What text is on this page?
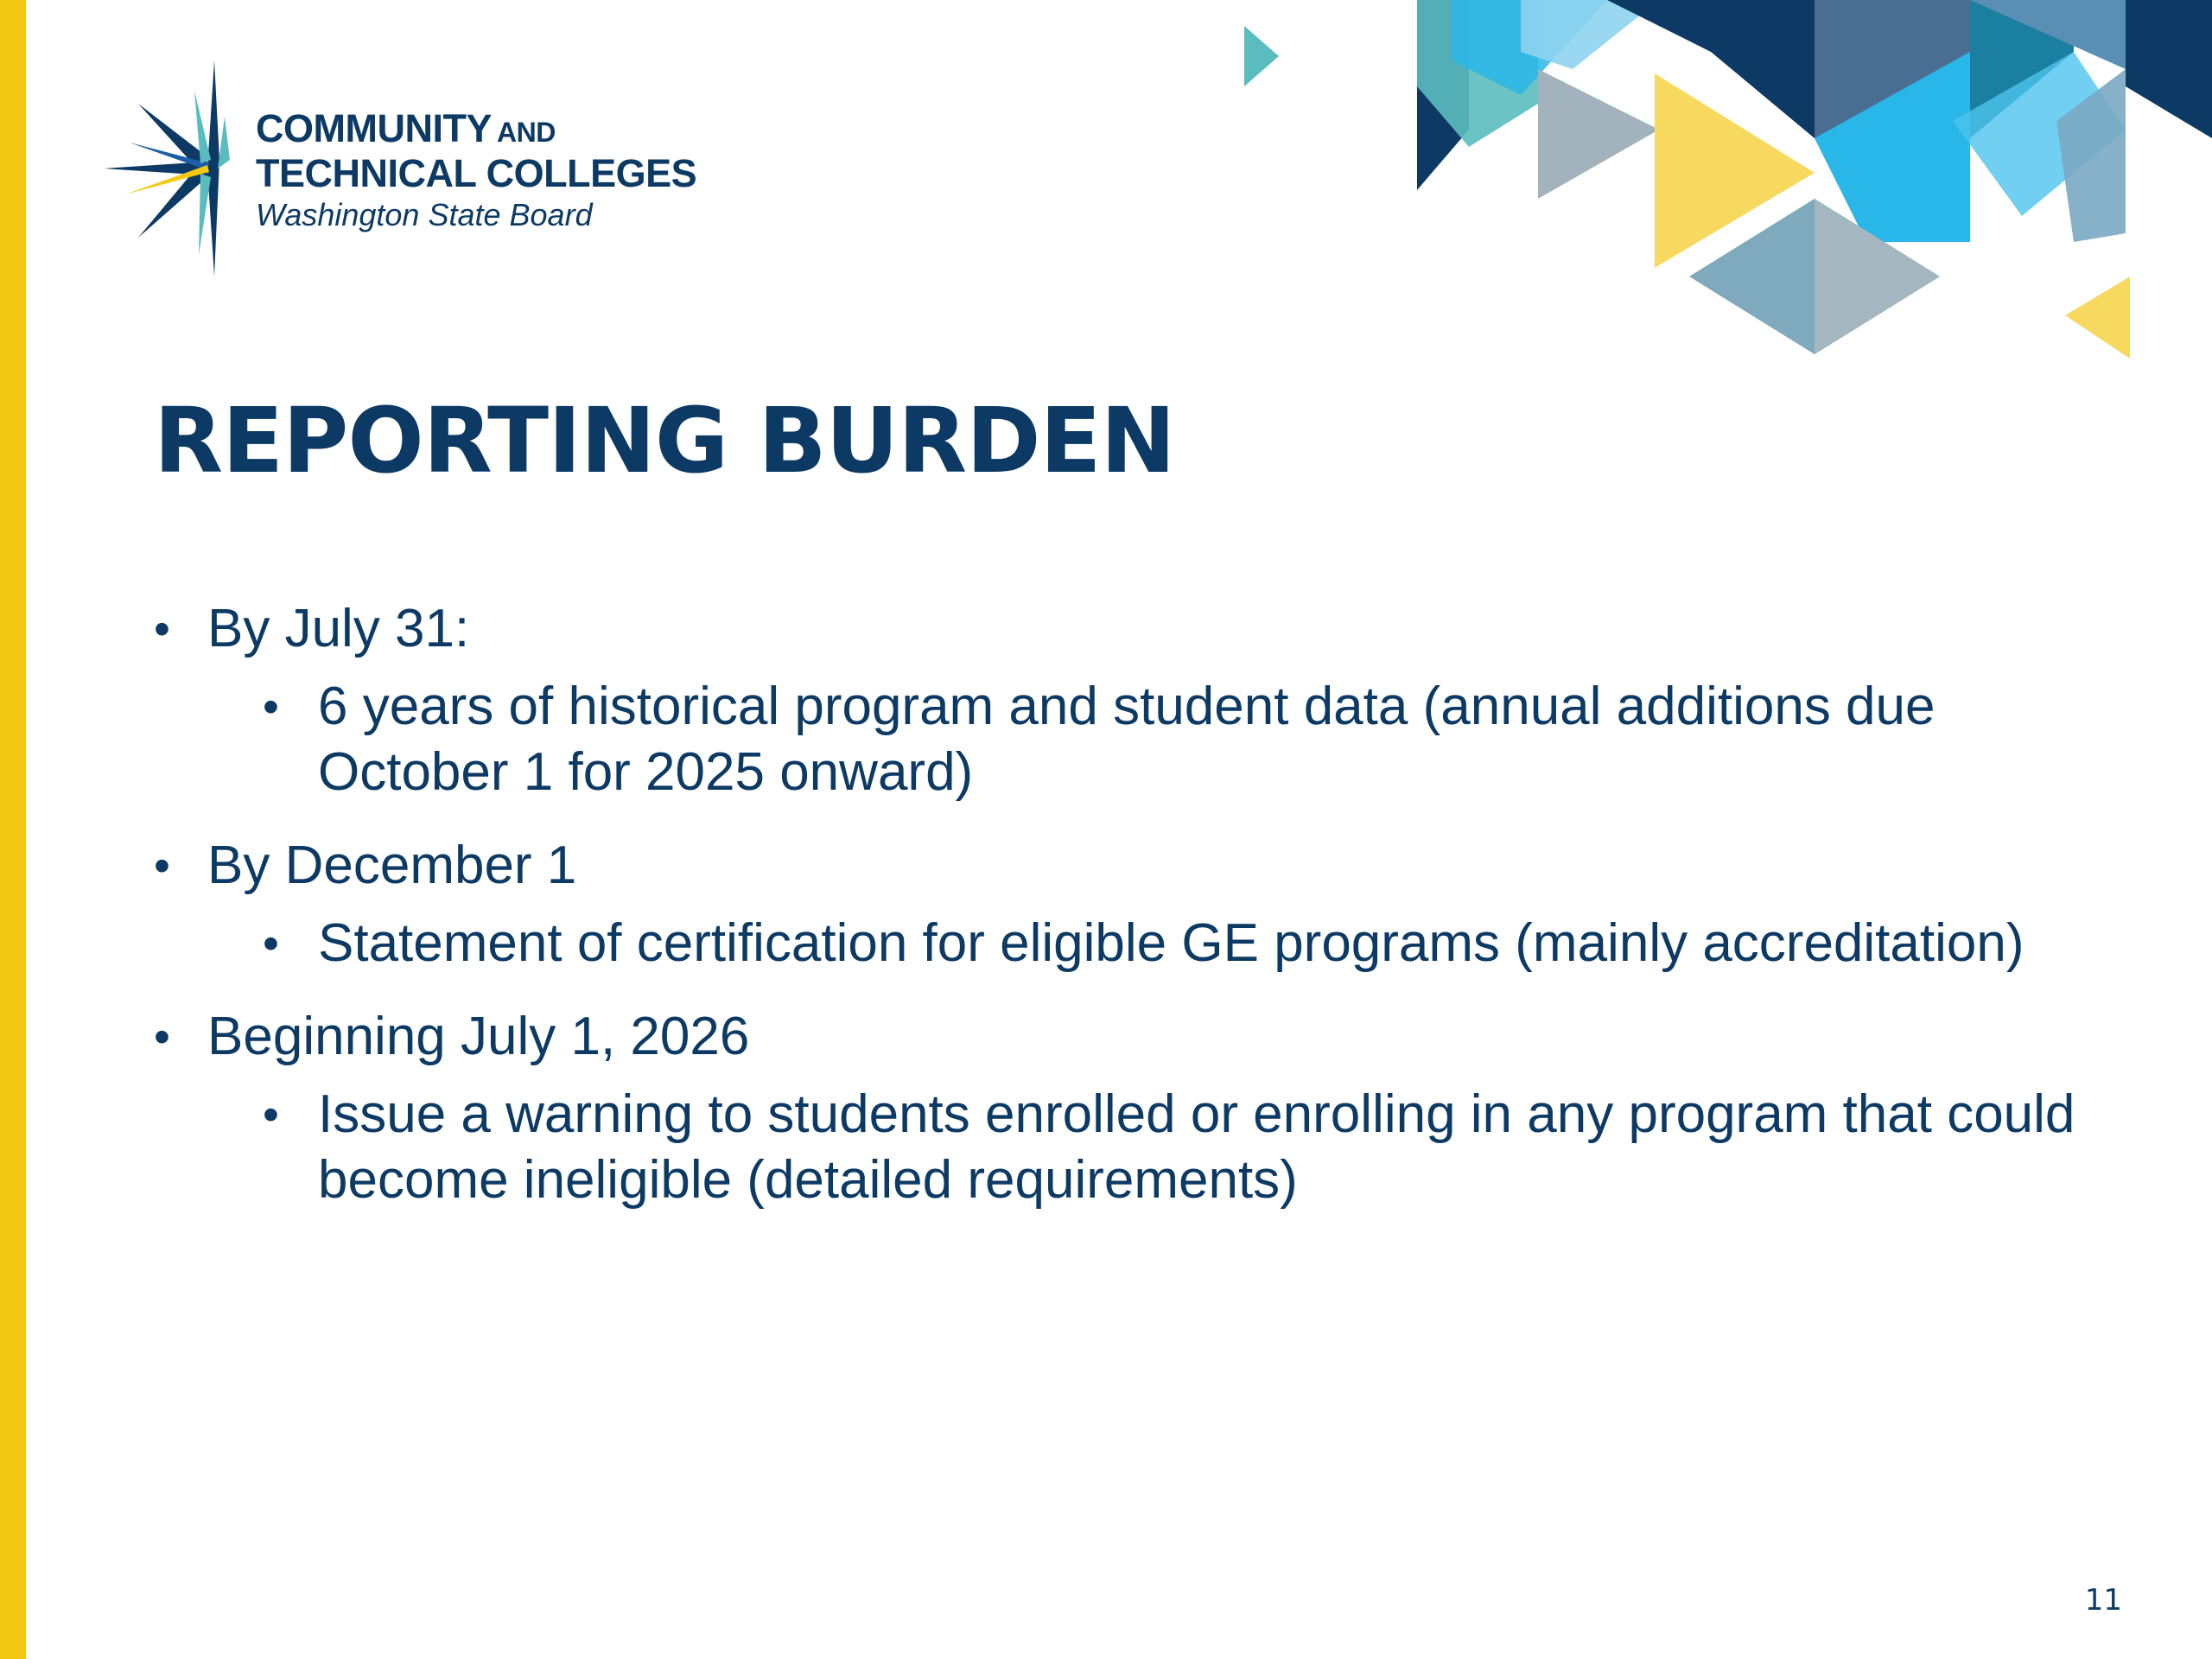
COMMUNITY AND
TECHNICAL COLLEGES
Washington State Board
REPORTING BURDEN
• By July 31:
• 6 years of historical program and student data (annual additions due October 1 for 2025 onward)
• By December 1
• Statement of certification for eligible GE programs (mainly accreditation)
• Beginning July 1, 2026
• Issue a warning to students enrolled or enrolling in any program that could become ineligible (detailed requirements)
11
